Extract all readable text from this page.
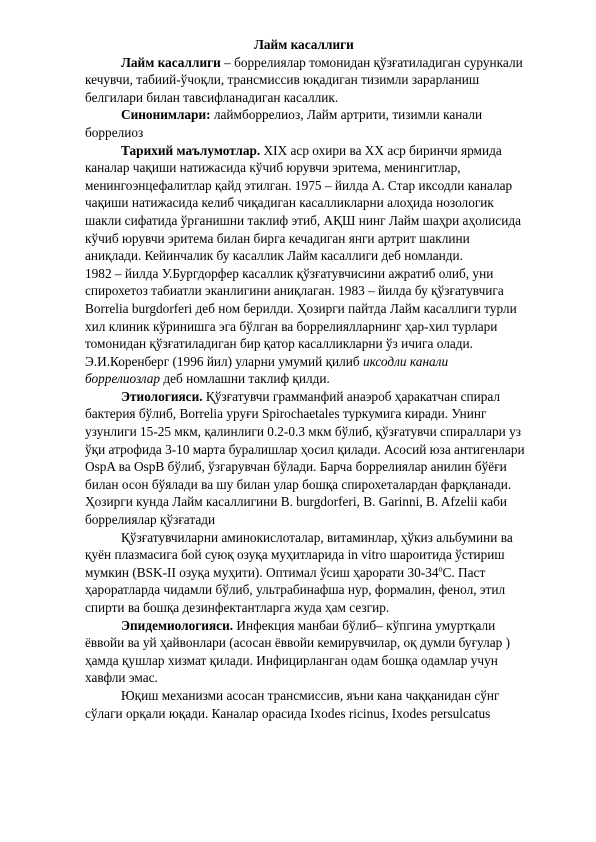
Лайм касаллиги

Лайм касаллиги – боррелиялар томонидан қўзғатиладиган сурункали

кечувчи, табиий-ўчоқли, трансмиссив юқадиган тизимли зарарланиш

белгилари билан тавсифланадиган касаллик.

Синонимлари: лаймборрелиоз, Лайм артрити, тизимли канали

боррелиоз

Тарихий маълумотлар. XIX аср охири ва XX аср биринчи ярмида

каналар чақиши натижасида кўчиб юрувчи эритема, менингитлар,

менингоэнцефалитлар қайд этилган. 1975 – йилда А. Стар иксодли каналар

чақиши натижасида келиб чиқадиган касалликларни алоҳида нозологик

шакли сифатида ўрганишни таклиф этиб, АҚШ нинг Лайм шаҳри аҳолисида

кўчиб юрувчи эритема билан бирга кечадиган янги артрит шаклини

аниқлади. Кейинчалик бу касаллик Лайм касаллиги деб номланди.

1982 – йилда У.Бургдорфер касаллик қўзғатувчисини ажратиб олиб, уни

спирохетоз табиатли эканлигини аниқлаган. 1983 – йилда бу қўзғатувчига

Borrelia burgdorferi деб ном берилди. Ҳозирги пайтда Лайм касаллиги турли

хил клиник кўринишга эга бўлган ва боррелиялларнинг ҳар-хил турлари

томонидан қўзғатиладиган бир қатор касалликларни ўз ичига олади.

Э.И.Коренберг (1996 йил) уларни умумий қилиб иксодли канали

боррелиозлар деб номлашни таклиф қилди.

Этиологияси. Қўзғатувчи грамманфий анаэроб ҳаракатчан спирал

бактерия бўлиб, Borrelia уруғи Spirochaetales туркумига киради. Унинг

узунлиги 15-25 мкм, қалинлиги 0.2-0.3 мкм бўлиб, қўзғатувчи спираллари уз

ўқи атрофида 3-10 марта буралишлар ҳосил қилади. Асосий юза антигенлари

OspA ва OspB бўлиб, ўзгарувчан бўлади. Барча боррелиялар анилин бўёғи

билан осон бўялади ва шу билан улар бошқа спирохеталардан фарқланади.

Ҳозирги кунда Лайм касаллигини B. burgdorferi, B. Garinni, B. Afzelii каби

боррелиялар қўзғатади

Қўзғатувчиларни аминокислоталар, витаминлар, ҳўкиз альбумини ва

қуён плазмасига бой суюқ озуқа муҳитларида in vitro шароитида ўстириш

мумкин (BSK-II озуқа муҳити). Оптимал ўсиш ҳарорати $30-34^оС$. Паст

ҳароратларда чидамли бўлиб, ультрабинафша нур, формалин, фенол, этил

спирти ва бошқа дезинфектантларга жуда ҳам сезгир.

Эпидемиологияси. Инфекция манбаи бўлиб– кўпгина умуртқали

ёввойи ва уй ҳайвонлари (асосан ёввойи кемирувчилар, оқ думли буғулар )

ҳамда қушлар хизмат қилади. Инфицирланган одам бошқа одамлар учун

хавфли эмас.

Юқиш механизми асосан трансмиссив, яъни кана чаққанидан сўнг

сўлаги орқали юқади. Каналар орасида Ixodes ricinus, Ixodes persulcatus
